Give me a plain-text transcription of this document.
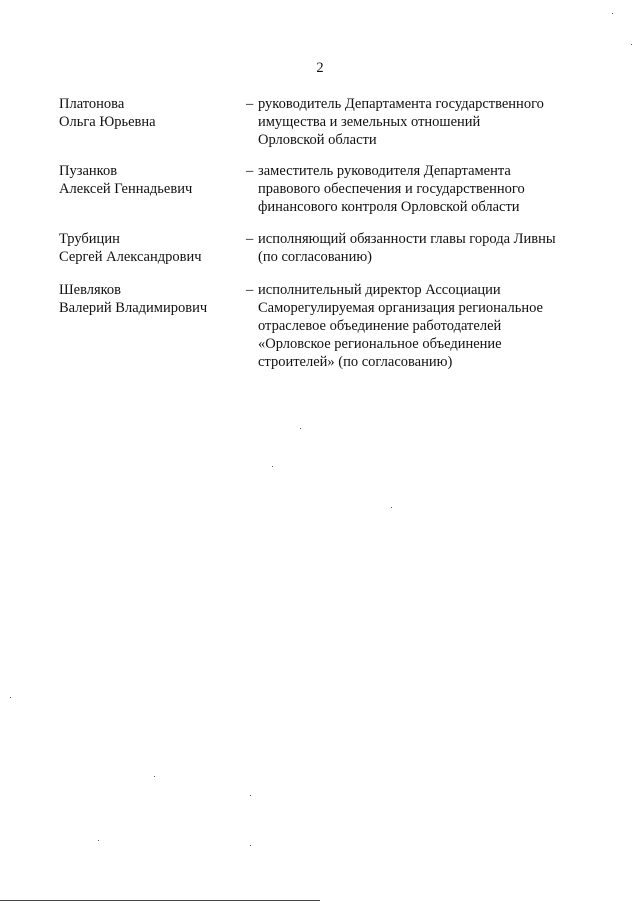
2
Платонова
Ольга Юрьевна
– руководитель Департамента государственного
имущества и земельных отношений
Орловской области
Пузанков
Алексей Геннадьевич
– заместитель руководителя Департамента
правового обеспечения и государственного
финансового контроля Орловской области
Трубицин
Сергей Александрович
– исполняющий обязанности главы города Ливны
(по согласованию)
Шевляков
Валерий Владимирович
– исполнительный директор Ассоциации
Саморегулируемая организация региональное
отраслевое объединение работодателей
«Орловское региональное объединение
строителей» (по согласованию)
